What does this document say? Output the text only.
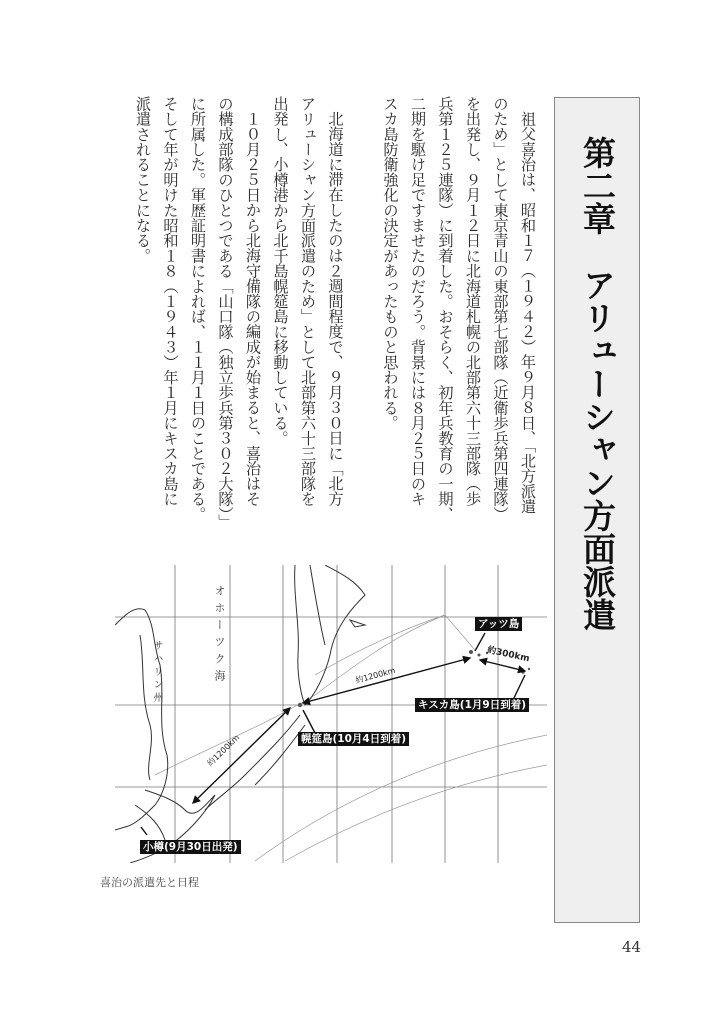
第二章　アリューシャン方面派遣
祖父喜治は、昭和１７（１９４２）年９月８日、「北方派遣
のため」として東京青山の東部第七部隊（近衛歩兵第四連隊）
を出発し、９月１２日に北海道札幌の北部第六十三部隊（歩
兵第１２５連隊）に到着した。おそらく、初年兵教育の一期、
二期を駆け足ですませたのだろう。背景には８月２５日のキ
スカ島防衛強化の決定があったものと思われる。
北海道に滞在したのは２週間程度で、９月３０日に「北方
アリューシャン方面派遣のため」として北部第六十三部隊を
出発し、小樽港から北千島幌筵島に移動している。
１０月２５日から北海守備隊の編成が始まると、喜治はそ
の構成部隊のひとつである「山口隊（独立歩兵第３０２大隊）」
に所属した。軍歴証明書によれば、１１月１日のことである。
そして年が明けた昭和１８（１９４３）年１月にキスカ島に
派遣されることになる。
オホーツク海
サハリン州
アッツ島
キスカ島(1月9日到着)
幌筵島(10月4日到着)
小樽(9月30日出発)
約1200km
約1200km
約300km
喜治の派遣先と日程
44
